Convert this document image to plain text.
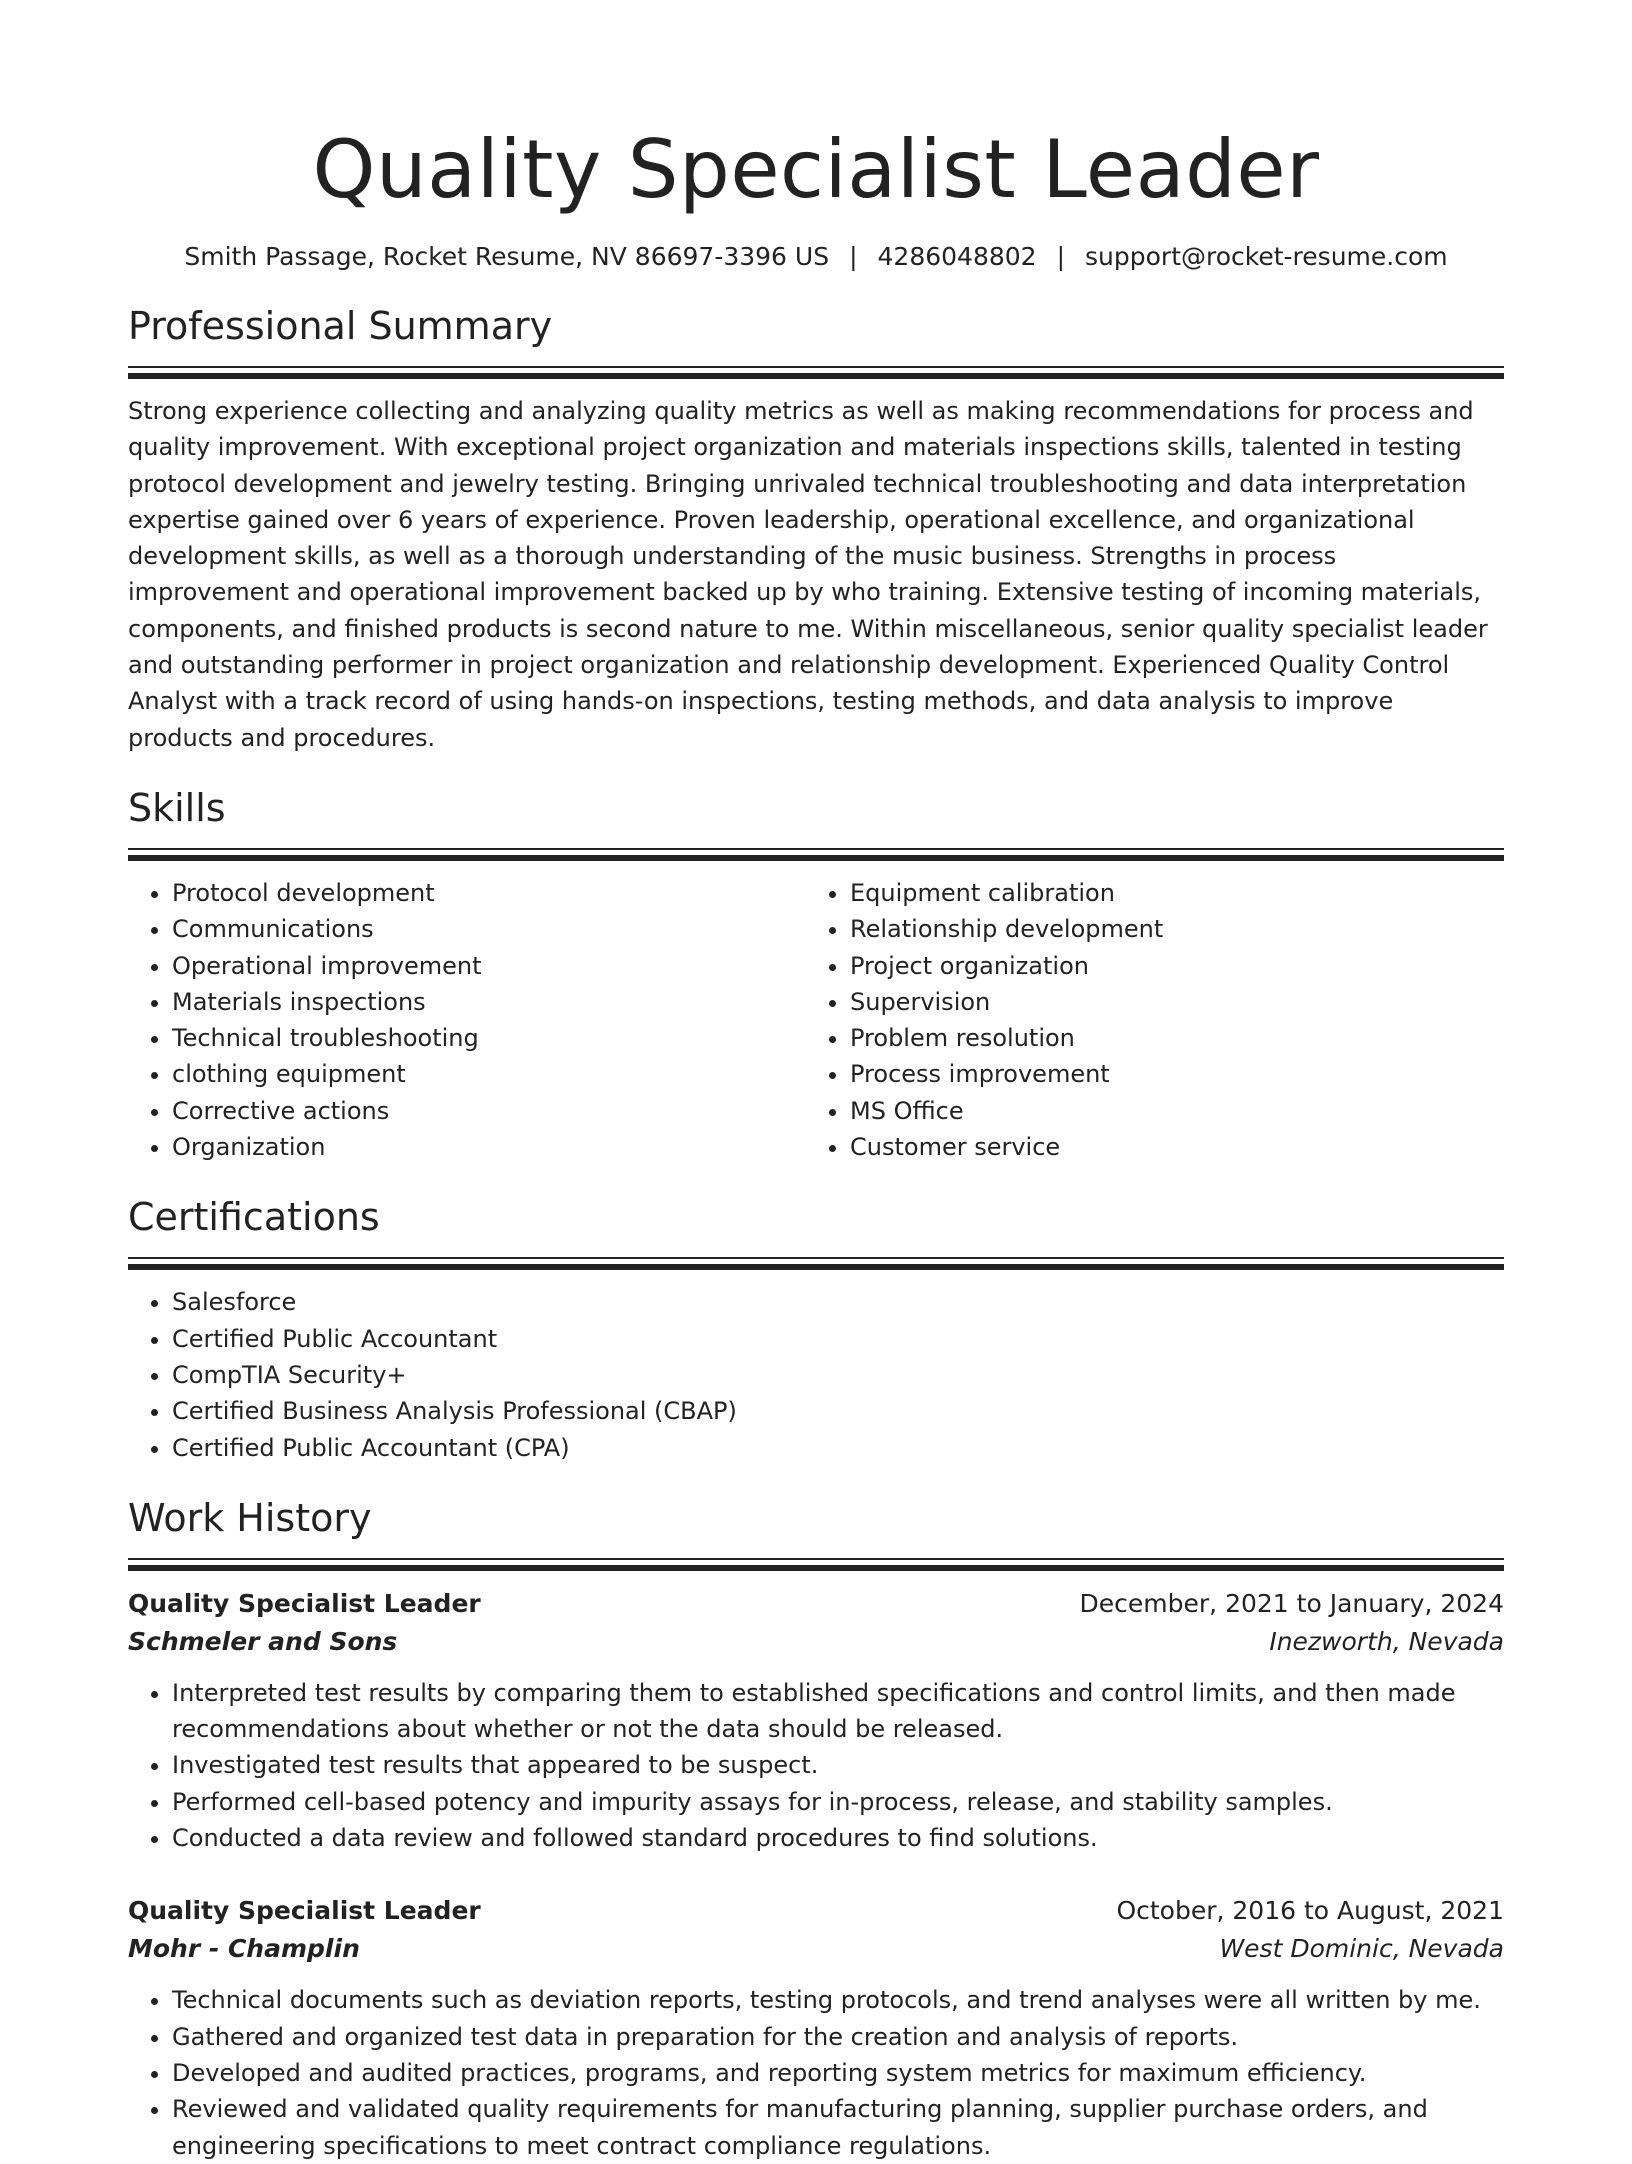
Quality Specialist Leader
Smith Passage, Rocket Resume, NV 86697-3396 US | 4286048802 | support@rocket-resume.com
Professional Summary

Strong experience collecting and analyzing quality metrics as well as making recommendations for process and quality improvement. With exceptional project organization and materials inspections skills, talented in testing protocol development and jewelry testing. Bringing unrivaled technical troubleshooting and data interpretation expertise gained over 6 years of experience. Proven leadership, operational excellence, and organizational development skills, as well as a thorough understanding of the music business. Strengths in process improvement and operational improvement backed up by who training. Extensive testing of incoming materials, components, and finished products is second nature to me. Within miscellaneous, senior quality specialist leader and outstanding performer in project organization and relationship development. Experienced Quality Control Analyst with a track record of using hands-on inspections, testing methods, and data analysis to improve products and procedures.

Skills
• Protocol development
• Communications
• Operational improvement
• Materials inspections
• Technical troubleshooting
• clothing equipment
• Corrective actions
• Organization
• Equipment calibration
• Relationship development
• Project organization
• Supervision
• Problem resolution
• Process improvement
• MS Office
• Customer service
Certifications
• Salesforce
• Certified Public Accountant
• CompTIA Security+
• Certified Business Analysis Professional (CBAP)
• Certified Public Accountant (CPA)
Work History
Quality Specialist Leader	December, 2021 to January, 2024
Schmeler and Sons	Inezworth, Nevada
• Interpreted test results by comparing them to established specifications and control limits, and then made recommendations about whether or not the data should be released.
• Investigated test results that appeared to be suspect.
• Performed cell-based potency and impurity assays for in-process, release, and stability samples.
• Conducted a data review and followed standard procedures to find solutions.
Quality Specialist Leader	October, 2016 to August, 2021
Mohr - Champlin	West Dominic, Nevada
• Technical documents such as deviation reports, testing protocols, and trend analyses were all written by me.
• Gathered and organized test data in preparation for the creation and analysis of reports.
• Developed and audited practices, programs, and reporting system metrics for maximum efficiency.
• Reviewed and validated quality requirements for manufacturing planning, supplier purchase orders, and engineering specifications to meet contract compliance regulations.
